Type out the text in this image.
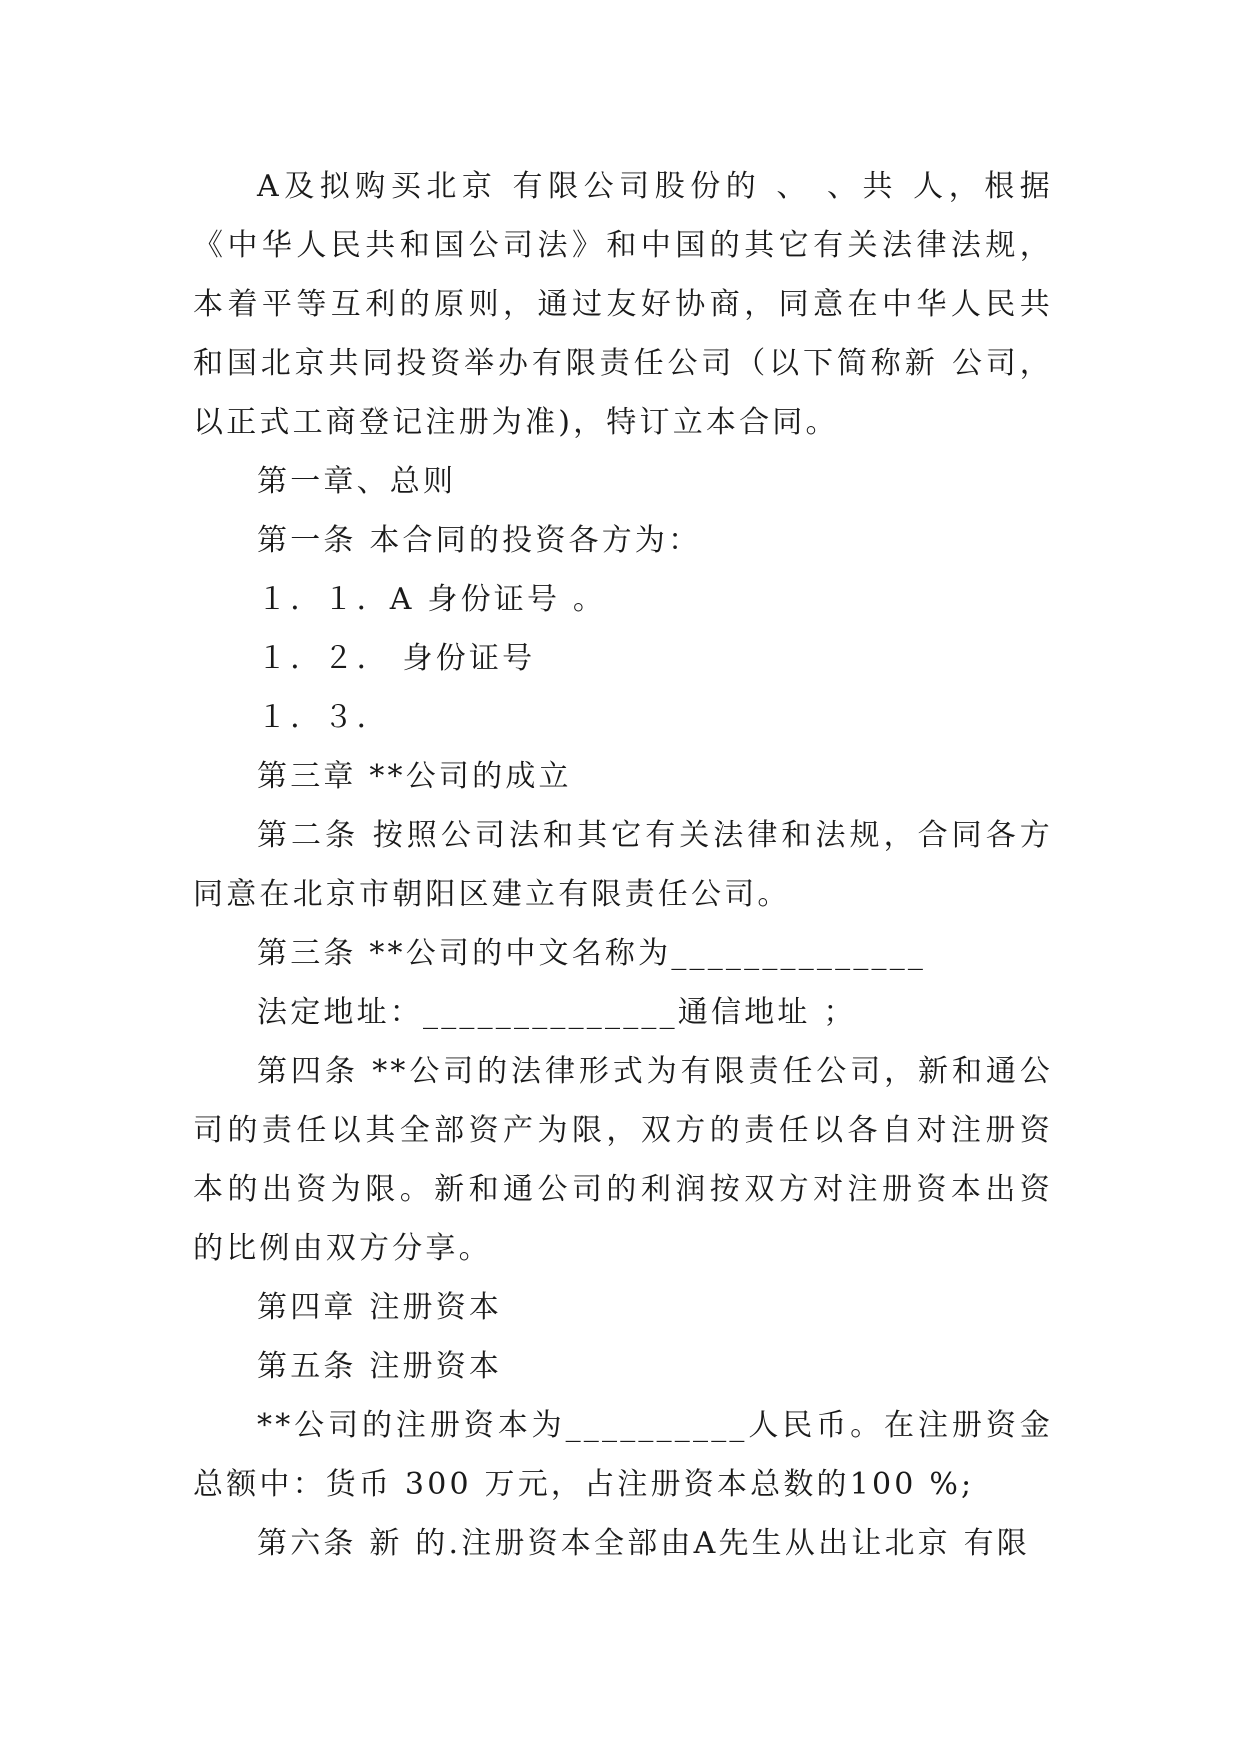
A及拟购买北京 有限公司股份的 、 、共 人，根据《中华人民共和国公司法》和中国的其它有关法律法规，本着平等互利的原则，通过友好协商，同意在中华人民共和国北京共同投资举办有限责任公司（以下简称新 公司，以正式工商登记注册为准)，特订立本合同。

第一章、总则

第一条 本合同的投资各方为：

１．１．A 身份证号 。

１．２． 身份证号

１．３．

第三章 **公司的成立

第二条 按照公司法和其它有关法律和法规，合同各方同意在北京市朝阳区建立有限责任公司。

第三条 **公司的中文名称为______________

法定地址：______________通信地址 ；

第四条 **公司的法律形式为有限责任公司，新和通公司的责任以其全部资产为限，双方的责任以各自对注册资本的出资为限。新和通公司的利润按双方对注册资本出资的比例由双方分享。

第四章 注册资本

第五条 注册资本

**公司的注册资本为__________人民币。在注册资金总额中：货币 300 万元，占注册资本总数的100 %;

第六条 新 的.注册资本全部由A先生从出让北京 有限
